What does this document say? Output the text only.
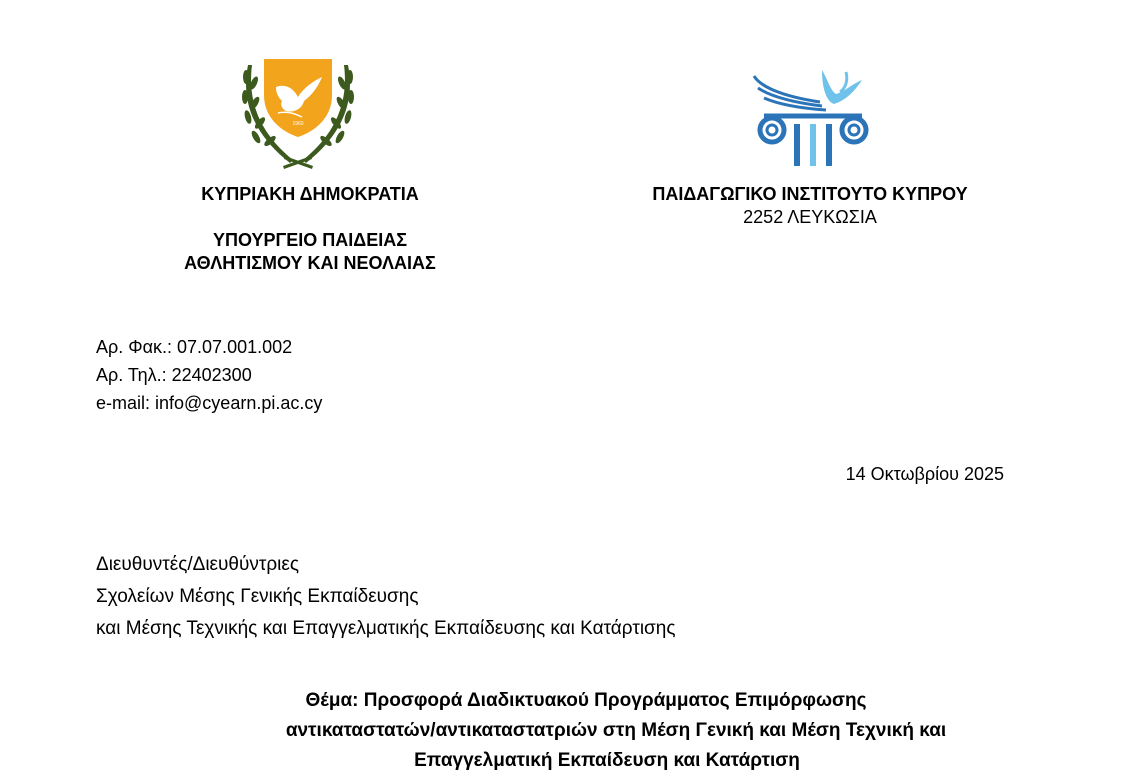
1960
ΚΥΠΡΙΑΚΗ ΔΗΜΟΚΡΑΤΙΑ
ΥΠΟΥΡΓΕΙΟ ΠΑΙΔΕΙΑΣ
ΑΘΛΗΤΙΣΜΟΥ ΚΑΙ ΝΕΟΛΑΙΑΣ
ΠΑΙΔΑΓΩΓΙΚΟ ΙΝΣΤΙΤΟΥΤΟ ΚΥΠΡΟΥ
2252 ΛΕΥΚΩΣΙΑ
Αρ. Φακ.: 07.07.001.002
Αρ. Τηλ.: 22402300
e-mail: info@cyearn.pi.ac.cy
14 Οκτωβρίου 2025
Διευθυντές/Διευθύντριες
Σχολείων Μέσης Γενικής Εκπαίδευσης
και Μέσης Τεχνικής και Επαγγελματικής Εκπαίδευσης και Κατάρτισης
Θέμα: Προσφορά Διαδικτυακού Προγράμματος Επιμόρφωσης
αντικαταστατών/αντικαταστατριών στη Μέση Γενική και Μέση Τεχνική και
Επαγγελματική Εκπαίδευση και Κατάρτιση
